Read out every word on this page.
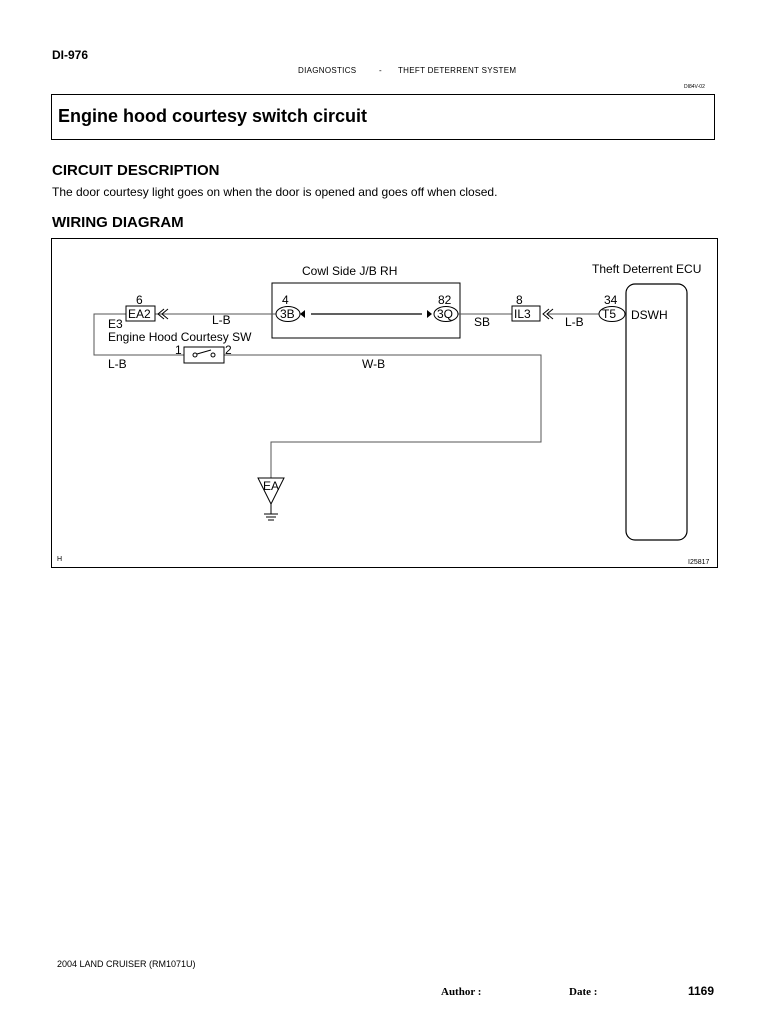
DI-976
DIAGNOSTICS	- THEFT DETERRENT SYSTEM
DI84V-02
Engine hood courtesy switch circuit
CIRCUIT DESCRIPTION
The door courtesy light goes on when the door is opened and goes off when closed.
WIRING DIAGRAM
Cowl Side J/B RH	Theft Deterrent ECU
DSWH
6
EA2
4
3B
82
3Q
8
IL3
34
T5
E3
Engine Hood Courtesy SW
1	2
EA
L-B	SB	L-B
L-B	W-B
H	I25817
2004 LAND CRUISER (RM1071U)
Author :	Date :	1169
